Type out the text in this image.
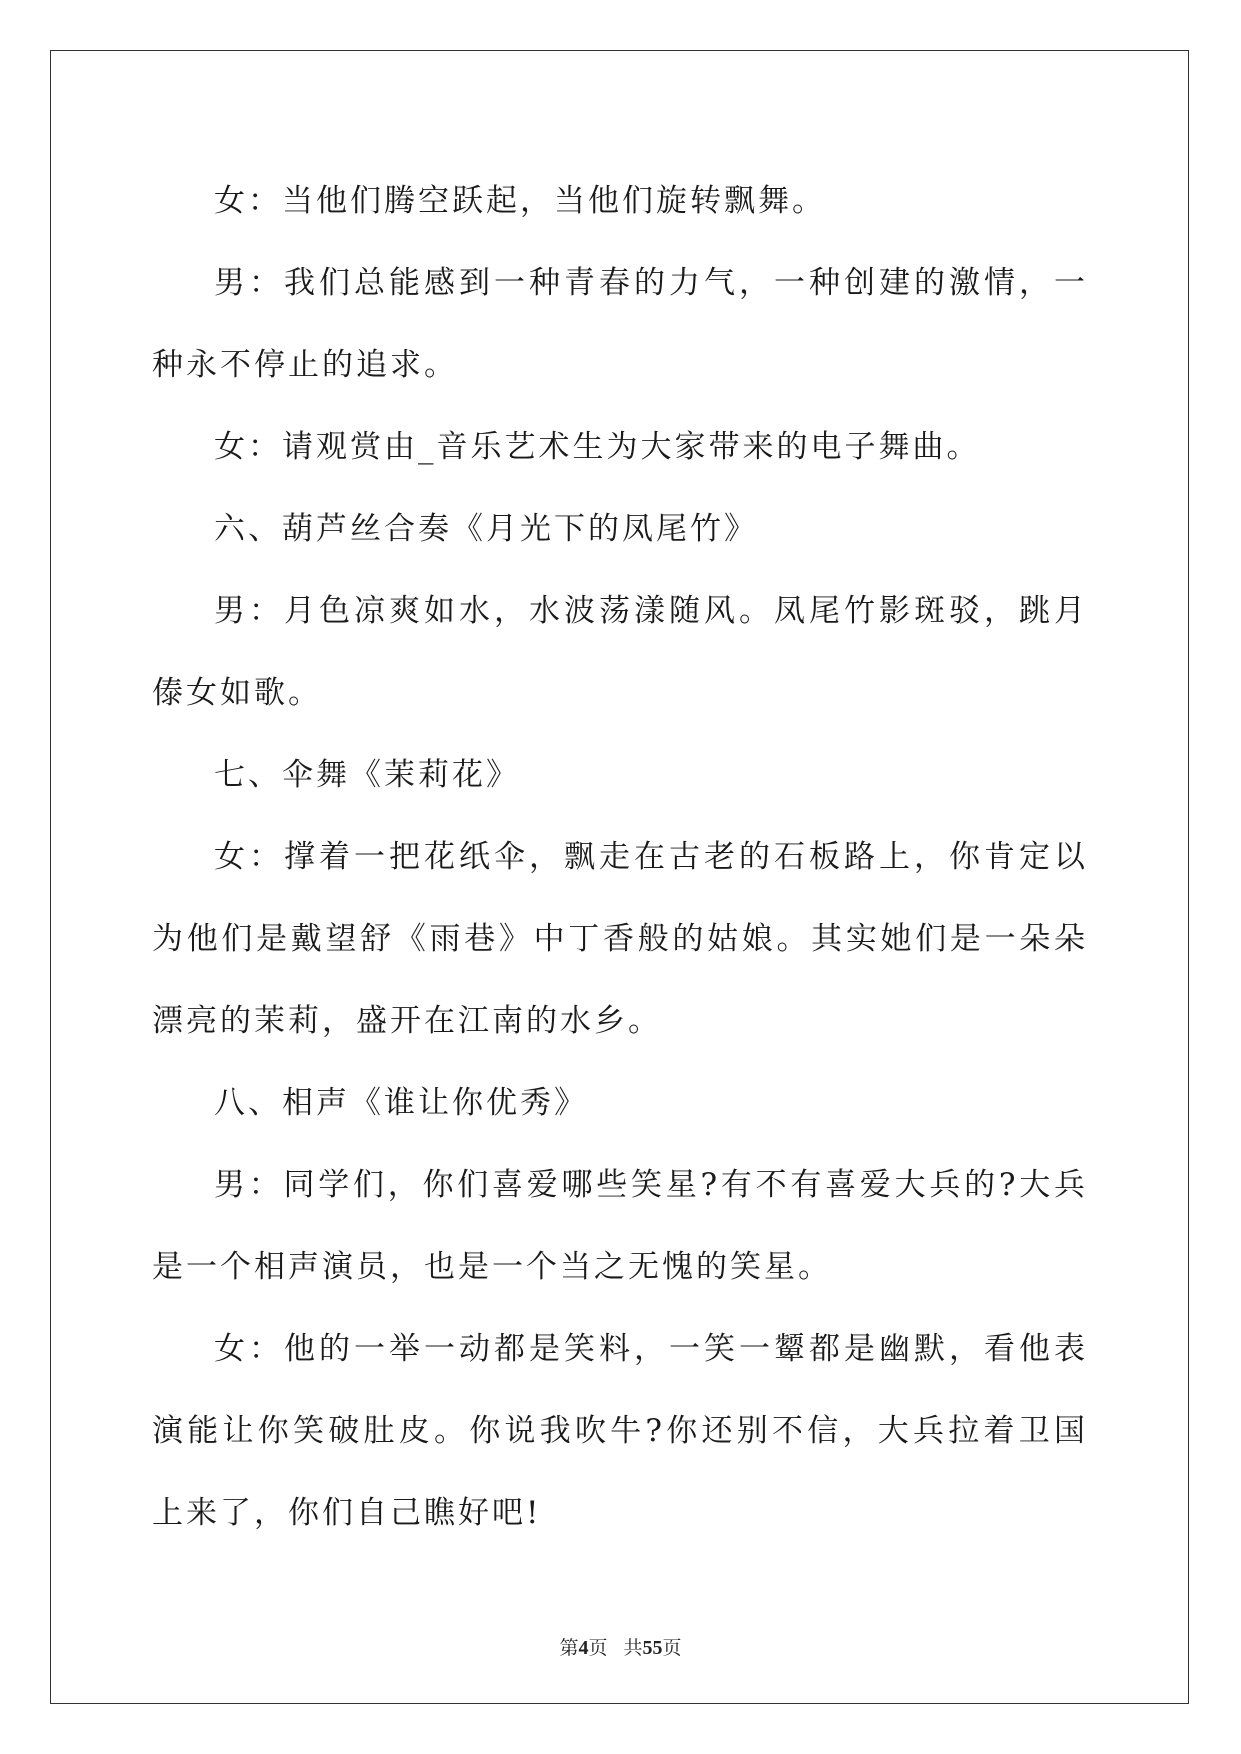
女：当他们腾空跃起，当他们旋转飘舞。

男：我们总能感到一种青春的力气，一种创建的激情，一种永不停止的追求。

女：请观赏由_音乐艺术生为大家带来的电子舞曲。

六、葫芦丝合奏《月光下的凤尾竹》

男：月色凉爽如水，水波荡漾随风。凤尾竹影斑驳，跳月傣女如歌。

七、伞舞《茉莉花》

女：撑着一把花纸伞，飘走在古老的石板路上，你肯定以为他们是戴望舒《雨巷》中丁香般的姑娘。其实她们是一朵朵漂亮的茉莉，盛开在江南的水乡。

八、相声《谁让你优秀》

男：同学们，你们喜爱哪些笑星?有不有喜爱大兵的?大兵是一个相声演员，也是一个当之无愧的笑星。

女：他的一举一动都是笑料，一笑一颦都是幽默，看他表演能让你笑破肚皮。你说我吹牛?你还别不信，大兵拉着卫国上来了，你们自己瞧好吧!

第4页 共55页
